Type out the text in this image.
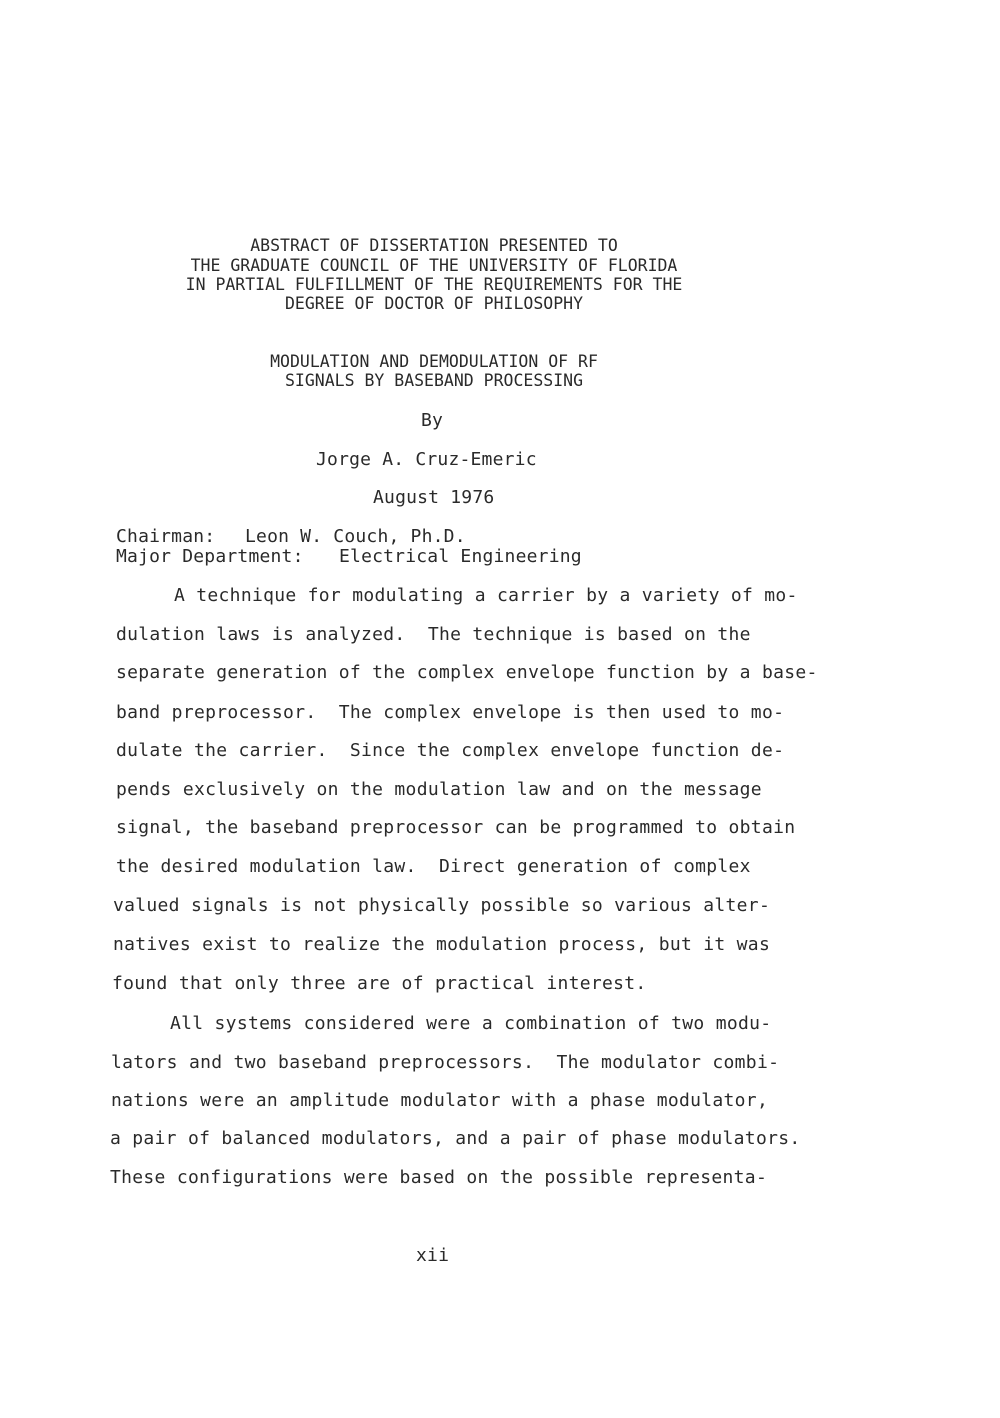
ABSTRACT OF DISSERTATION PRESENTED TO
THE GRADUATE COUNCIL OF THE UNIVERSITY OF FLORIDA
IN PARTIAL FULFILLMENT OF THE REQUIREMENTS FOR THE
DEGREE OF DOCTOR OF PHILOSOPHY
MODULATION AND DEMODULATION OF RF
SIGNALS BY BASEBAND PROCESSING
By
Jorge A. Cruz-Emeric
August 1976
Chairman: Leon W. Couch, Ph.D.
Major Department: Electrical Engineering
A technique for modulating a carrier by a variety of mo-
dulation laws is analyzed.  The technique is based on the
separate generation of the complex envelope function by a base-
band preprocessor.  The complex envelope is then used to mo-
dulate the carrier.  Since the complex envelope function de-
pends exclusively on the modulation law and on the message
signal, the baseband preprocessor can be programmed to obtain
the desired modulation law.  Direct generation of complex
valued signals is not physically possible so various alter-
natives exist to realize the modulation process, but it was
found that only three are of practical interest.
All systems considered were a combination of two modu-
lators and two baseband preprocessors.  The modulator combi-
nations were an amplitude modulator with a phase modulator,
a pair of balanced modulators, and a pair of phase modulators.
These configurations were based on the possible representa-
xii
